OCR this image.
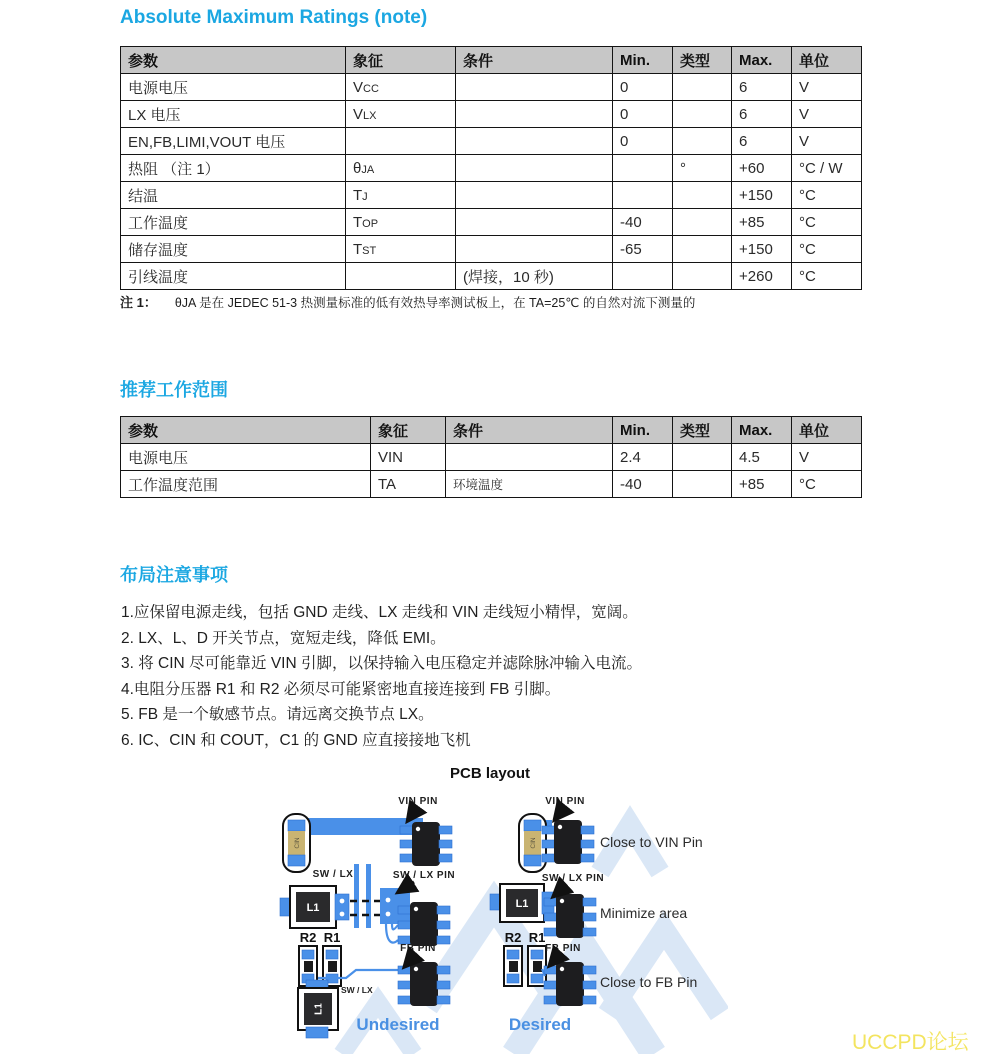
Absolute Maximum Ratings (note)
参数	象征	条件	Min.	类型	Max.	单位
电源电压	VCC		0		6	V
LX 电压	VLX		0		6	V
EN,FB,LIMI,VOUT 电压			0		6	V
热阻 （注 1）	θJA			°	+60	°C / W
结温	TJ				+150	°C
工作温度	TOP		-40		+85	°C
储存温度	TST		-65		+150	°C
引线温度		(焊接，10 秒)			+260	°C

注 1： θJA 是在 JEDEC 51-3 热测量标准的低有效热导率测试板上，在 TA=25℃ 的自然对流下测量的

推荐工作范围
参数	象征	条件	Min.	类型	Max.	单位
电源电压	VIN		2.4		4.5	V
工作温度范围	TA	环境温度	-40		+85	°C
布局注意事项
1.应保留电源走线，包括 GND 走线、LX 走线和 VIN 走线短小精悍，宽阔。
2. LX、L、D 开关节点，宽短走线，降低 EMI。
3. 将 CIN 尽可能靠近 VIN 引脚，以保持输入电压稳定并滤除脉冲输入电流。
4.电阻分压器 R1 和 R2 必须尽可能紧密地直接连接到 FB 引脚。
5. FB 是一个敏感节点。请远离交换节点 LX。
6. IC、CIN 和 COUT，C1 的 GND 应直接接地飞机
PCB layout
CIN
VIN PIN
CIN
VIN PIN
Close to VIN Pin
L1
SW / LX	SW / LX PIN
L1
SW / LX PIN
Minimize area
R2 R1
FB PIN
L1
SW / LX
Undesired
R2 R1
FB PIN
Close to FB Pin
Desired
UCCPD论坛
